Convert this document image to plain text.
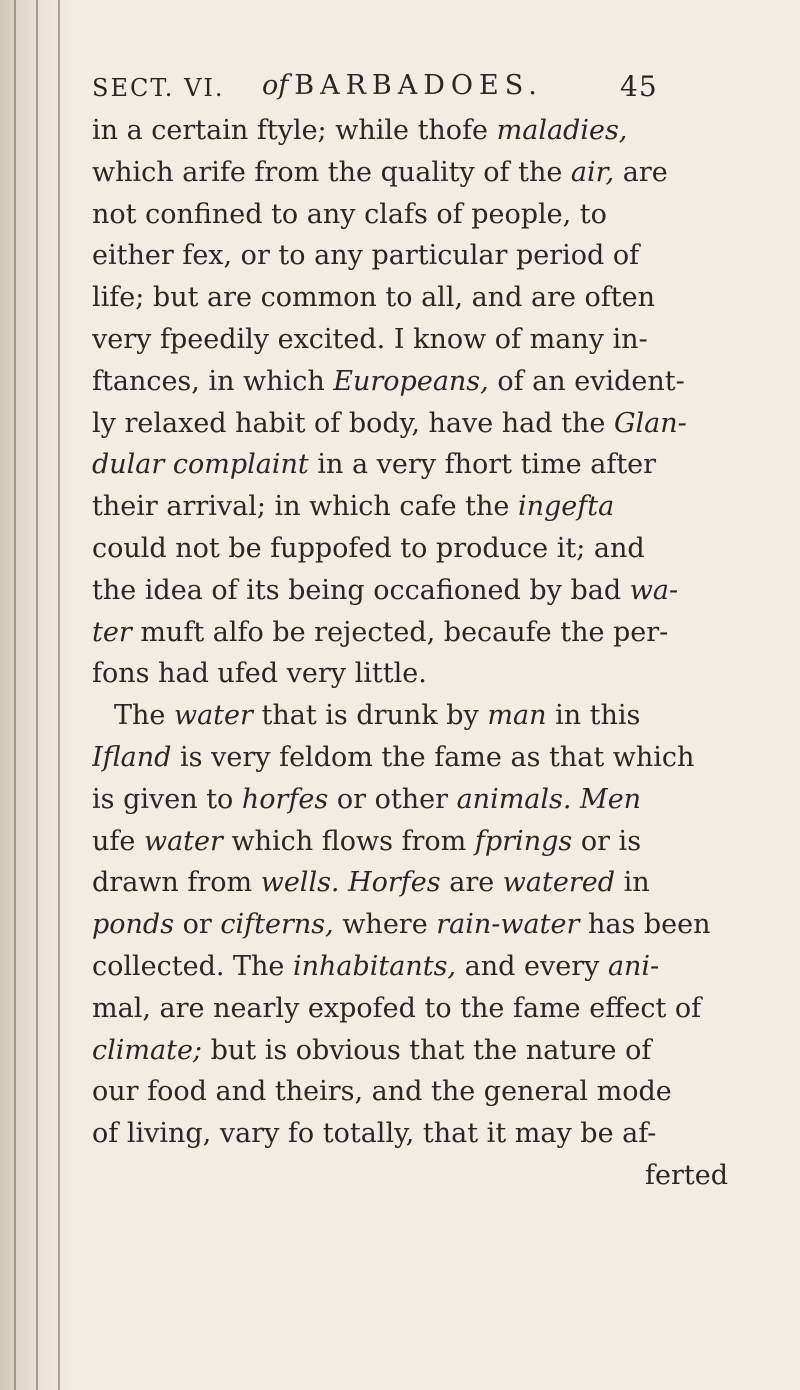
SECT. VI. of BARBADOES.	45
in a certain ftyle; while thofe maladies,
which arife from the quality of the air, are
not confined to any clafs of people, to
either fex, or to any particular period of
life; but are common to all, and are often
very fpeedily excited. I know of many in-
ftances, in which Europeans, of an evident-
ly relaxed habit of body, have had the Glan-
dular complaint in a very fhort time after
their arrival; in which cafe the ingefta
could not be fuppofed to produce it; and
the idea of its being occafioned by bad wa-
ter muft alfo be rejected, becaufe the per-
fons had ufed very little.
The water that is drunk by man in this
Ifland is very feldom the fame as that which
is given to horfes or other animals. Men
ufe water which flows from fprings or is
drawn from wells. Horfes are watered in
ponds or cifterns, where rain-water has been
collected. The inhabitants, and every ani-
mal, are nearly expofed to the fame effect of
climate; but is obvious that the nature of
our food and theirs, and the general mode
of living, vary fo totally, that it may be af-
ferted
